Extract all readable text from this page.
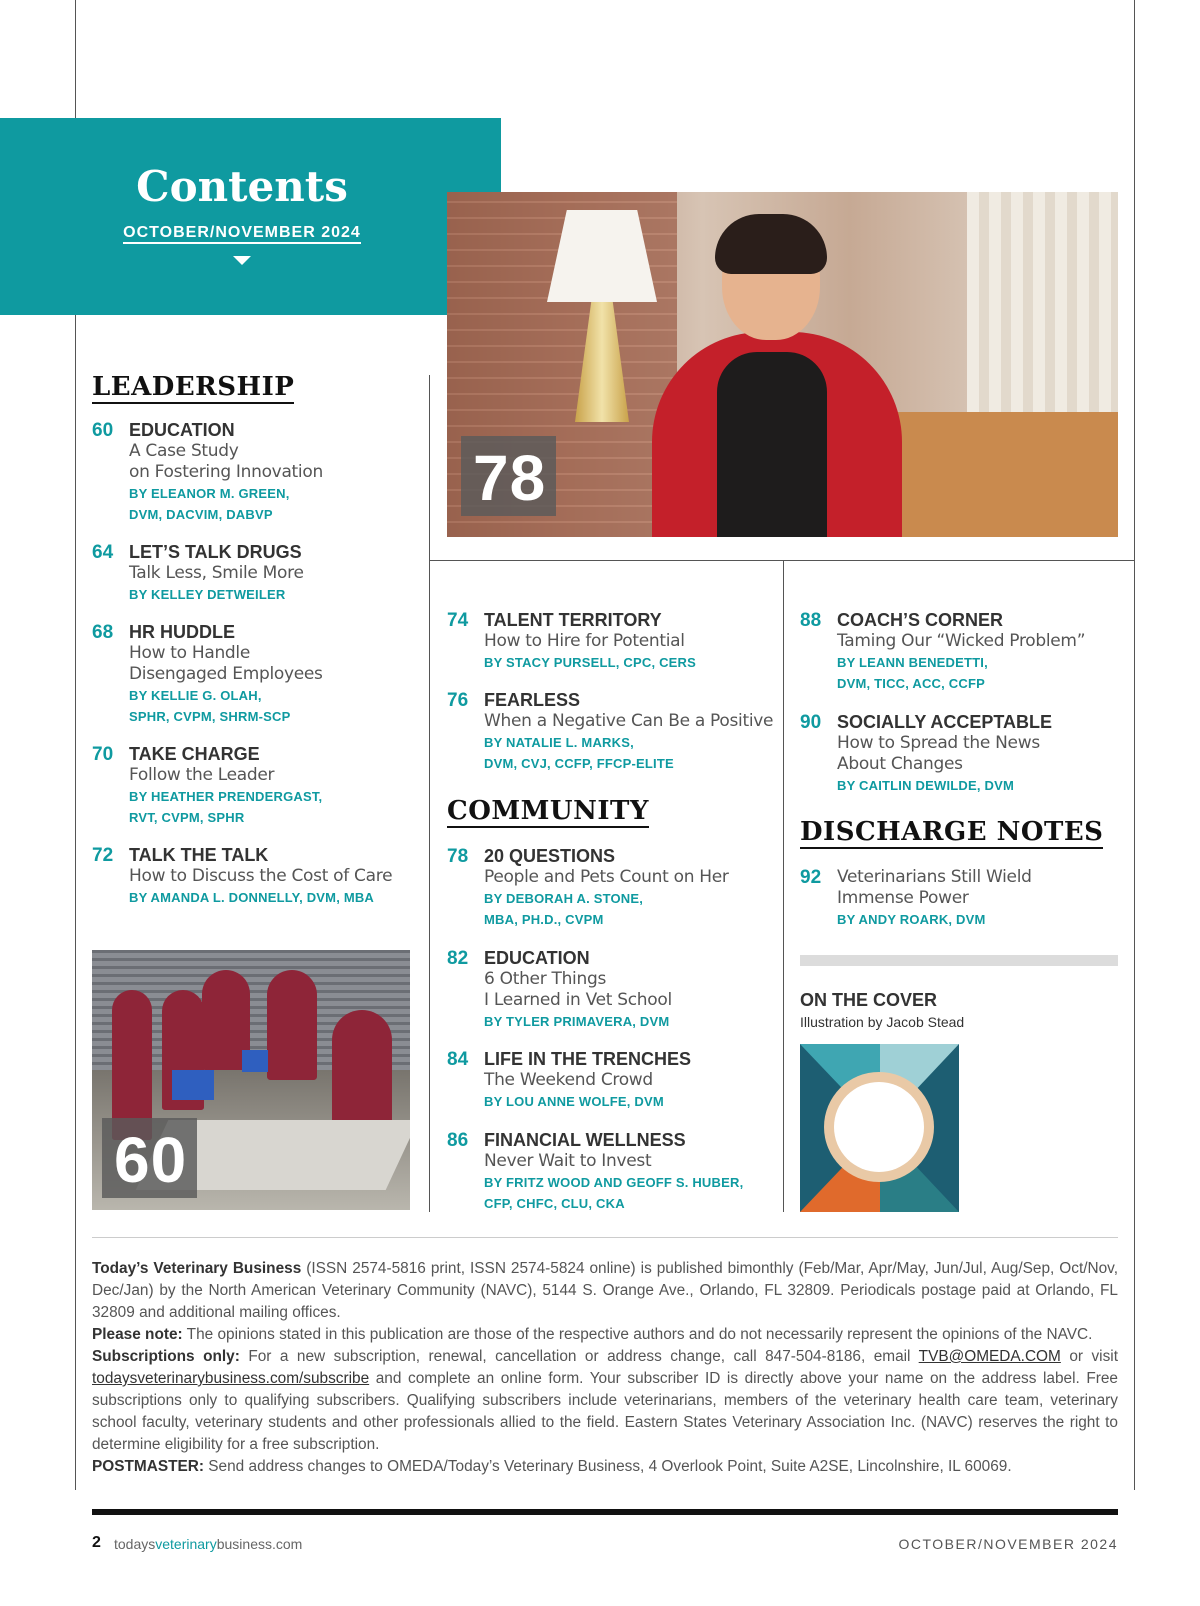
Contents
OCTOBER/NOVEMBER 2024
78
LEADERSHIP
60 EDUCATION
A Case Study
on Fostering Innovation
BY ELEANOR M. GREEN,
DVM, DACVIM, DABVP
64 LET’S TALK DRUGS
Talk Less, Smile More
BY KELLEY DETWEILER
68 HR HUDDLE
How to Handle
Disengaged Employees
BY KELLIE G. OLAH,
SPHR, CVPM, SHRM-SCP
70 TAKE CHARGE
Follow the Leader
BY HEATHER PRENDERGAST,
RVT, CVPM, SPHR
72 TALK THE TALK
How to Discuss the Cost of Care
BY AMANDA L. DONNELLY, DVM, MBA
60
74 TALENT TERRITORY
How to Hire for Potential
BY STACY PURSELL, CPC, CERS
76 FEARLESS
When a Negative Can Be a Positive
BY NATALIE L. MARKS,
DVM, CVJ, CCFP, FFCP-ELITE
COMMUNITY
78 20 QUESTIONS
People and Pets Count on Her
BY DEBORAH A. STONE,
MBA, PH.D., CVPM
82 EDUCATION
6 Other Things
I Learned in Vet School
BY TYLER PRIMAVERA, DVM
84 LIFE IN THE TRENCHES
The Weekend Crowd
BY LOU ANNE WOLFE, DVM
86 FINANCIAL WELLNESS
Never Wait to Invest
BY FRITZ WOOD AND GEOFF S. HUBER,
CFP, CHFC, CLU, CKA
88 COACH’S CORNER
Taming Our “Wicked Problem”
BY LEANN BENEDETTI,
DVM, TICC, ACC, CCFP
90 SOCIALLY ACCEPTABLE
How to Spread the News
About Changes
BY CAITLIN DEWILDE, DVM
DISCHARGE NOTES
92 Veterinarians Still Wield
Immense Power
BY ANDY ROARK, DVM
ON THE COVER
Illustration by Jacob Stead
Today’s Veterinary Business (ISSN 2574-5816 print, ISSN 2574-5824 online) is published bimonthly (Feb/Mar, Apr/May, Jun/Jul, Aug/Sep, Oct/Nov, Dec/Jan) by the North American Veterinary Community (NAVC), 5144 S. Orange Ave., Orlando, FL 32809. Periodicals postage paid at Orlando, FL 32809 and additional mailing offices.
Please note: The opinions stated in this publication are those of the respective authors and do not necessarily represent the opinions of the NAVC.
Subscriptions only: For a new subscription, renewal, cancellation or address change, call 847-504-8186, email TVB@OMEDA.COM or visit todaysveterinarybusiness.com/subscribe and complete an online form. Your subscriber ID is directly above your name on the address label. Free subscriptions only to qualifying subscribers. Qualifying subscribers include veterinarians, members of the veterinary health care team, veterinary school faculty, veterinary students and other professionals allied to the field. Eastern States Veterinary Association Inc. (NAVC) reserves the right to determine eligibility for a free subscription.
POSTMASTER: Send address changes to OMEDA/Today’s Veterinary Business, 4 Overlook Point, Suite A2SE, Lincolnshire, IL 60069.
2 todaysveterinarybusiness.com	OCTOBER/NOVEMBER 2024
